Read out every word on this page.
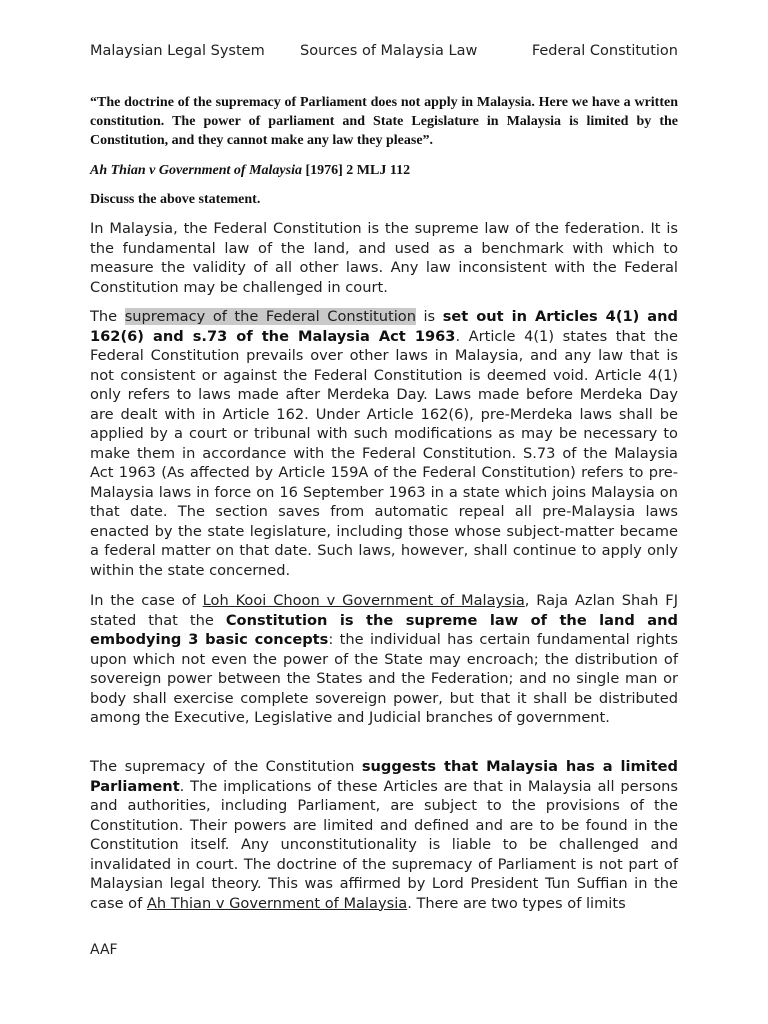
Malaysian Legal System Sources of Malaysia Law	Federal Constitution

“The doctrine of the supremacy of Parliament does not apply in Malaysia. Here we have a written constitution. The power of parliament and State Legislature in Malaysia is limited by the Constitution, and they cannot make any law they please”.

Ah Thian v Government of Malaysia [1976] 2 MLJ 112

Discuss the above statement.

In Malaysia, the Federal Constitution is the supreme law of the federation. It is the fundamental law of the land, and used as a benchmark with which to measure the validity of all other laws. Any law inconsistent with the Federal Constitution may be challenged in court.

The supremacy of the Federal Constitution is set out in Articles 4(1) and 162(6) and s.73 of the Malaysia Act 1963. Article 4(1) states that the Federal Constitution prevails over other laws in Malaysia, and any law that is not consistent or against the Federal Constitution is deemed void. Article 4(1) only refers to laws made after Merdeka Day. Laws made before Merdeka Day are dealt with in Article 162. Under Article 162(6), pre-Merdeka laws shall be applied by a court or tribunal with such modifications as may be necessary to make them in accordance with the Federal Constitution. S.73 of the Malaysia Act 1963 (As affected by Article 159A of the Federal Constitution) refers to pre-Malaysia laws in force on 16 September 1963 in a state which joins Malaysia on that date. The section saves from automatic repeal all pre-Malaysia laws enacted by the state legislature, including those whose subject-matter became a federal matter on that date. Such laws, however, shall continue to apply only within the state concerned.

In the case of Loh Kooi Choon v Government of Malaysia, Raja Azlan Shah FJ stated that the Constitution is the supreme law of the land and embodying 3 basic concepts: the individual has certain fundamental rights upon which not even the power of the State may encroach; the distribution of sovereign power between the States and the Federation; and no single man or body shall exercise complete sovereign power, but that it shall be distributed among the Executive, Legislative and Judicial branches of government.

The supremacy of the Constitution suggests that Malaysia has a limited Parliament. The implications of these Articles are that in Malaysia all persons and authorities, including Parliament, are subject to the provisions of the Constitution. Their powers are limited and defined and are to be found in the Constitution itself. Any unconstitutionality is liable to be challenged and invalidated in court. The doctrine of the supremacy of Parliament is not part of Malaysian legal theory. This was affirmed by Lord President Tun Suffian in the case of Ah Thian v Government of Malaysia. There are two types of limits

AAF
